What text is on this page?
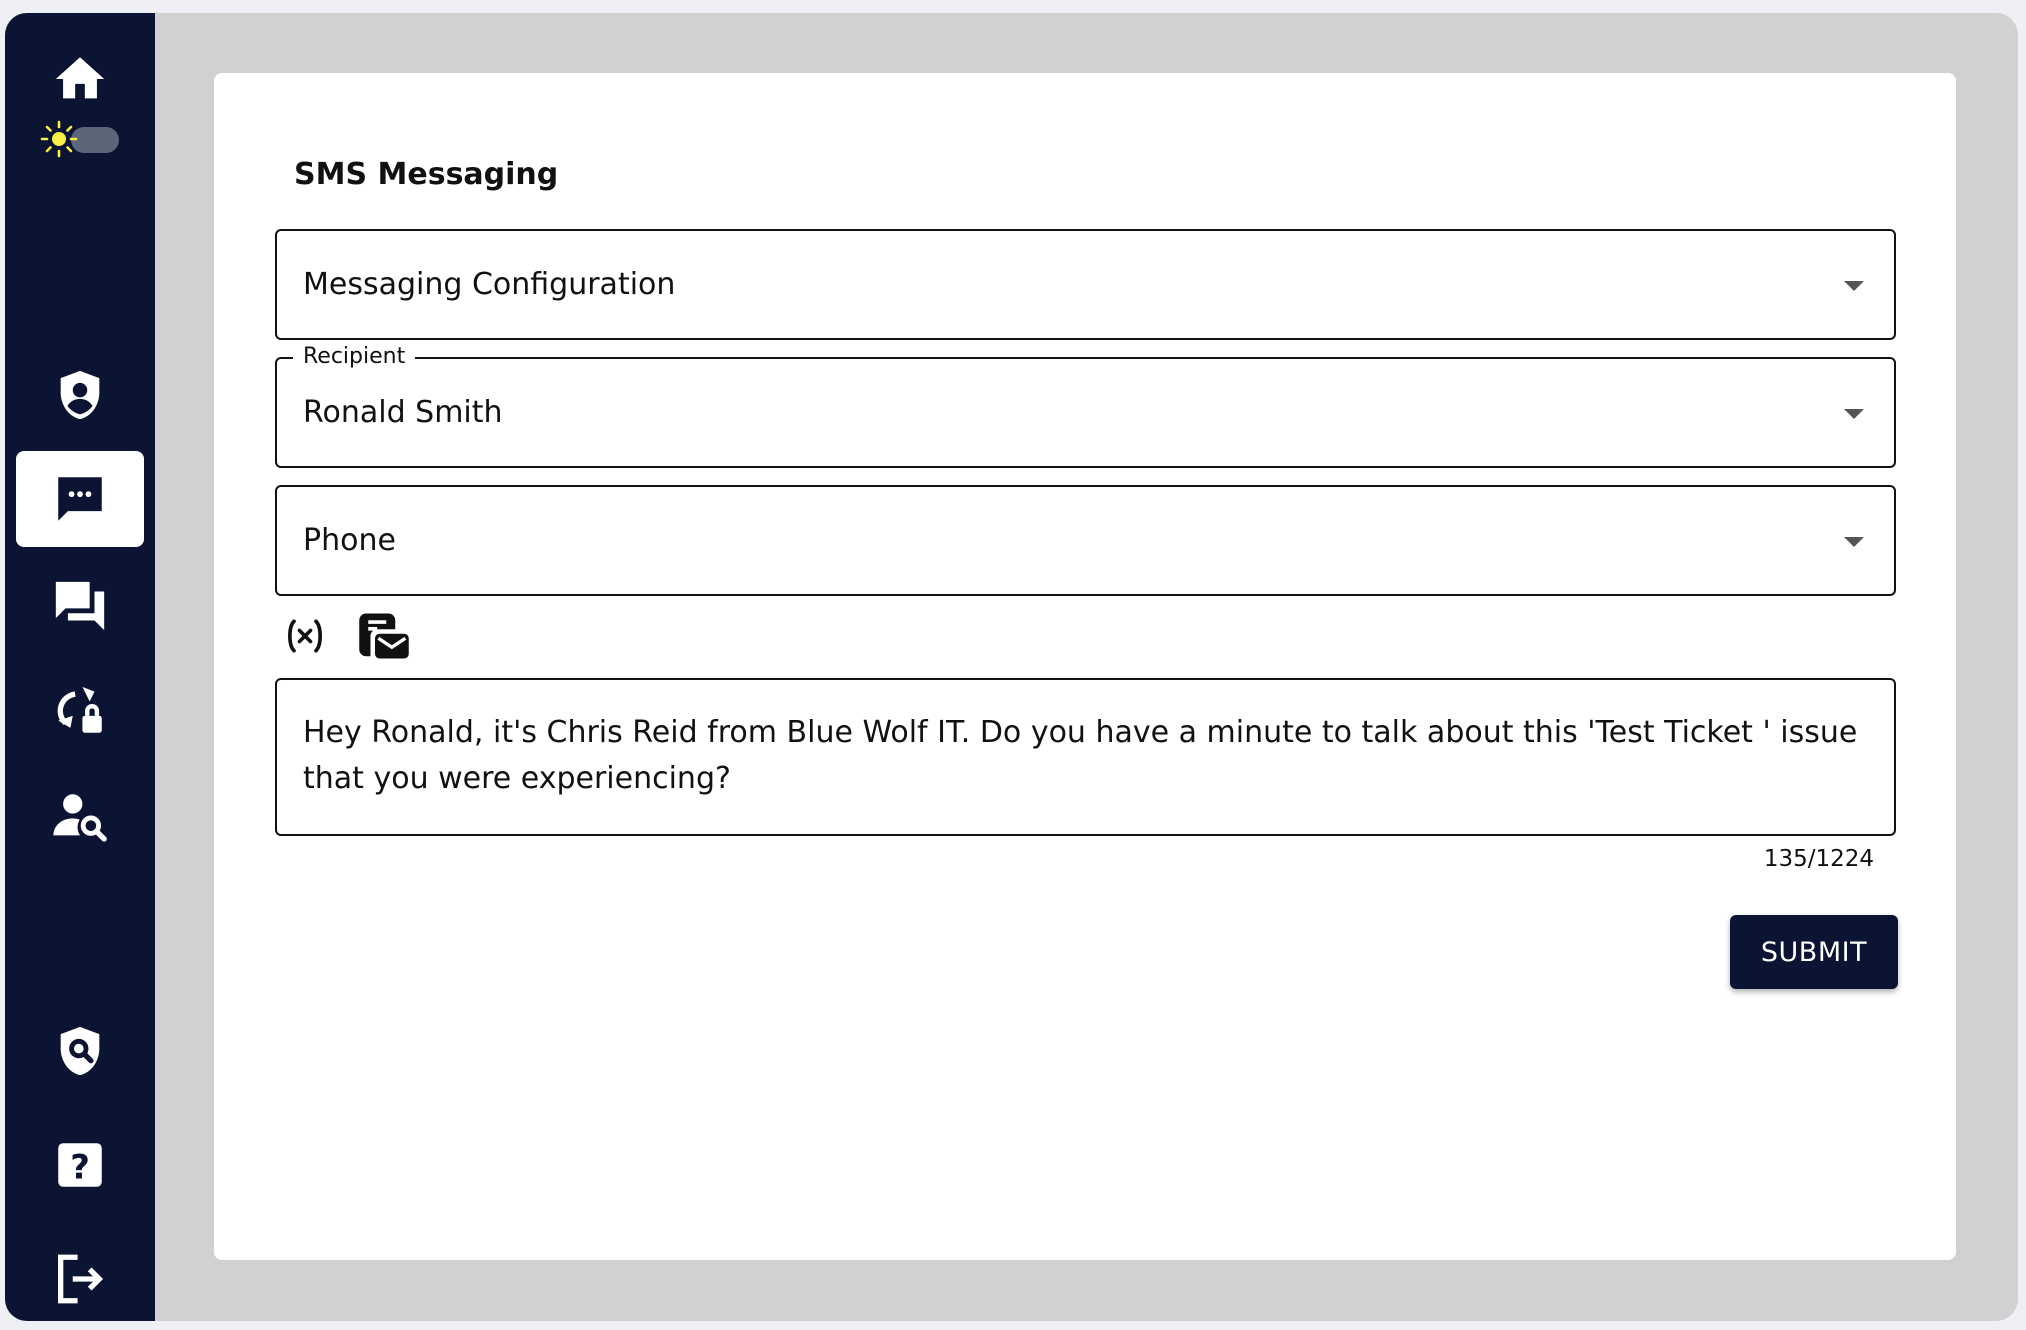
?
SMS Messaging
Messaging Configuration
Recipient
Ronald Smith
Phone
Hey Ronald, it's Chris Reid from Blue Wolf IT. Do you have a minute to talk about this 'Test Ticket ' issue that you were experiencing?
135/1224
SUBMIT
